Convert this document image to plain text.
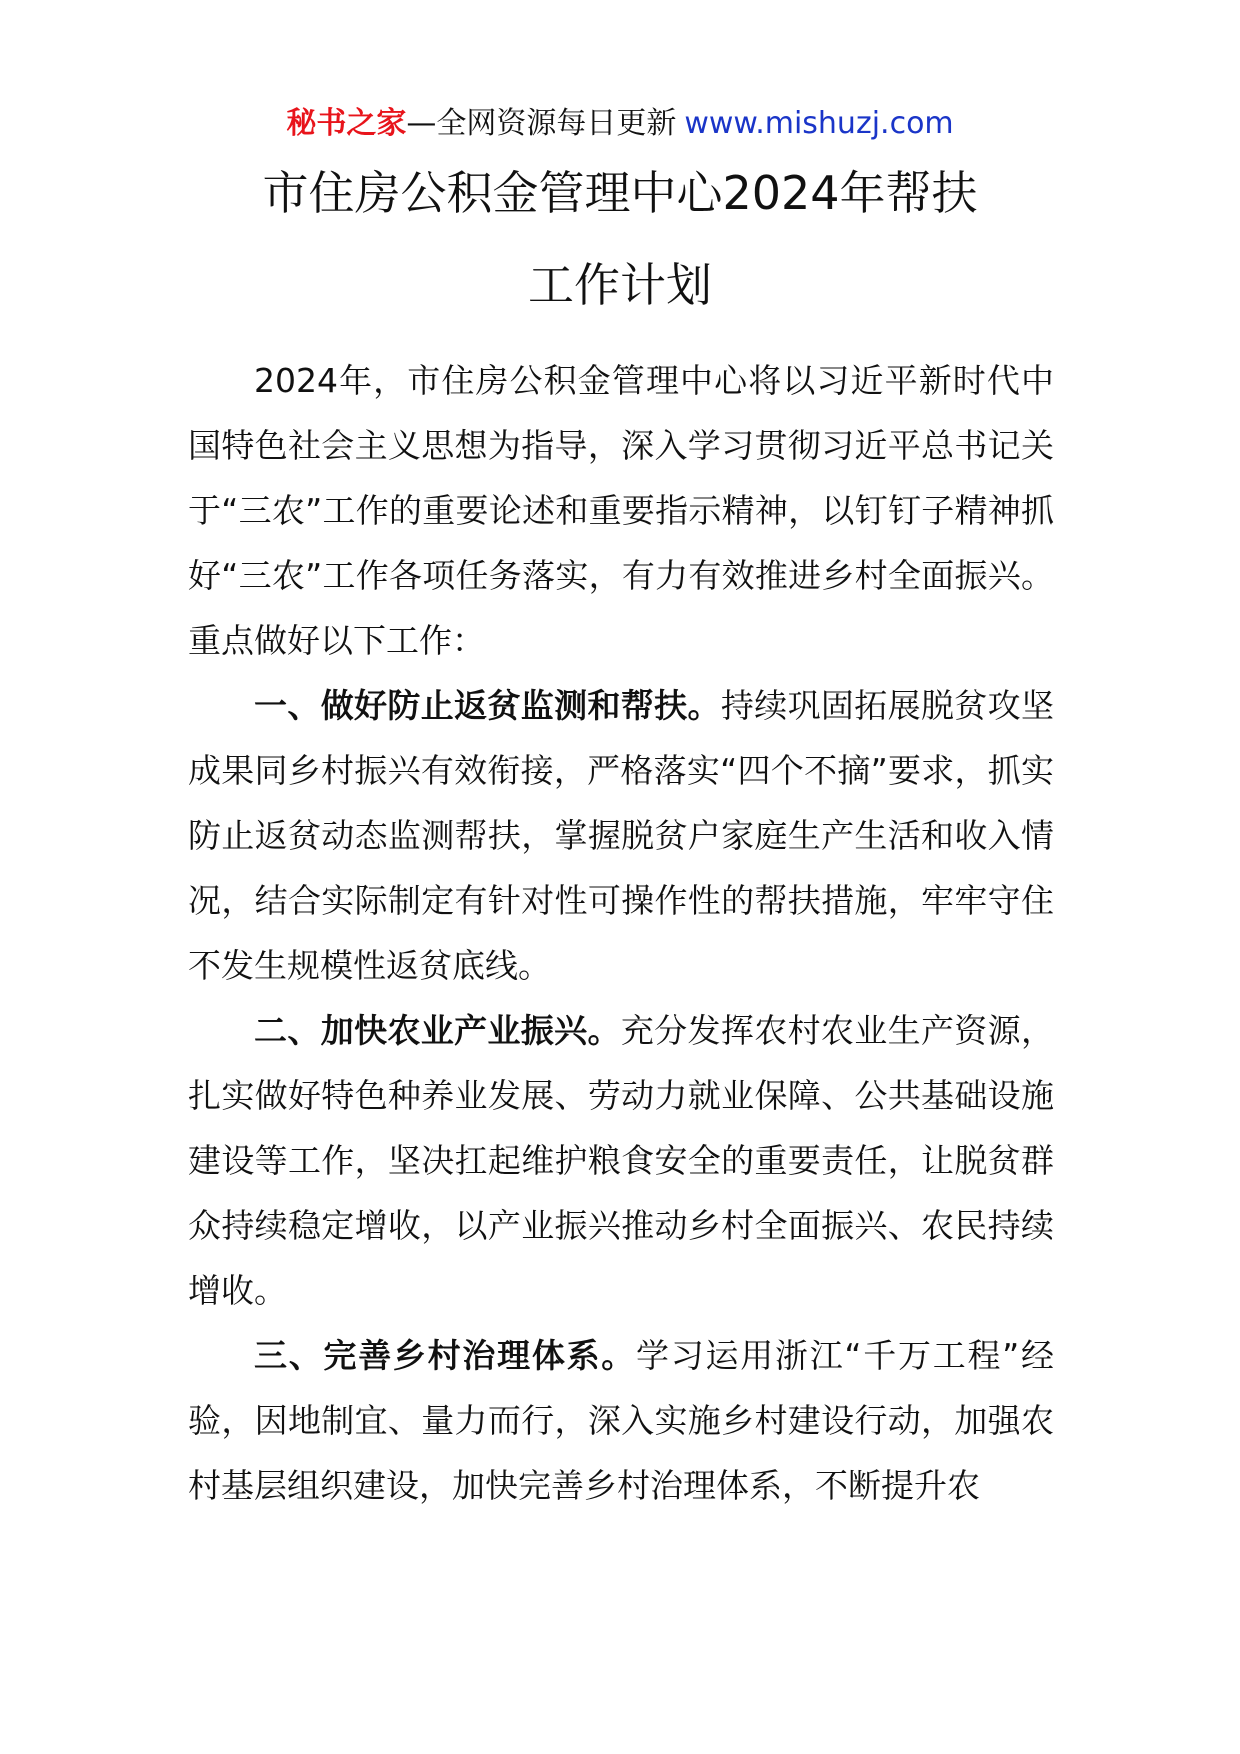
秘书之家—全网资源每日更新 www.mishuzj.com
市住房公积金管理中心2024年帮扶
工作计划

2024年，市住房公积金管理中心将以习近平新时代中国特色社会主义思想为指导，深入学习贯彻习近平总书记关于“三农”工作的重要论述和重要指示精神，以钉钉子精神抓好“三农”工作各项任务落实，有力有效推进乡村全面振兴。重点做好以下工作：

一、做好防止返贫监测和帮扶。持续巩固拓展脱贫攻坚成果同乡村振兴有效衔接，严格落实“四个不摘”要求，抓实防止返贫动态监测帮扶，掌握脱贫户家庭生产生活和收入情况，结合实际制定有针对性可操作性的帮扶措施，牢牢守住不发生规模性返贫底线。

二、加快农业产业振兴。充分发挥农村农业生产资源，扎实做好特色种养业发展、劳动力就业保障、公共基础设施建设等工作，坚决扛起维护粮食安全的重要责任，让脱贫群众持续稳定增收，以产业振兴推动乡村全面振兴、农民持续增收。

三、完善乡村治理体系。学习运用浙江“千万工程”经验，因地制宜、量力而行，深入实施乡村建设行动，加强农村基层组织建设，加快完善乡村治理体系，不断提升农
